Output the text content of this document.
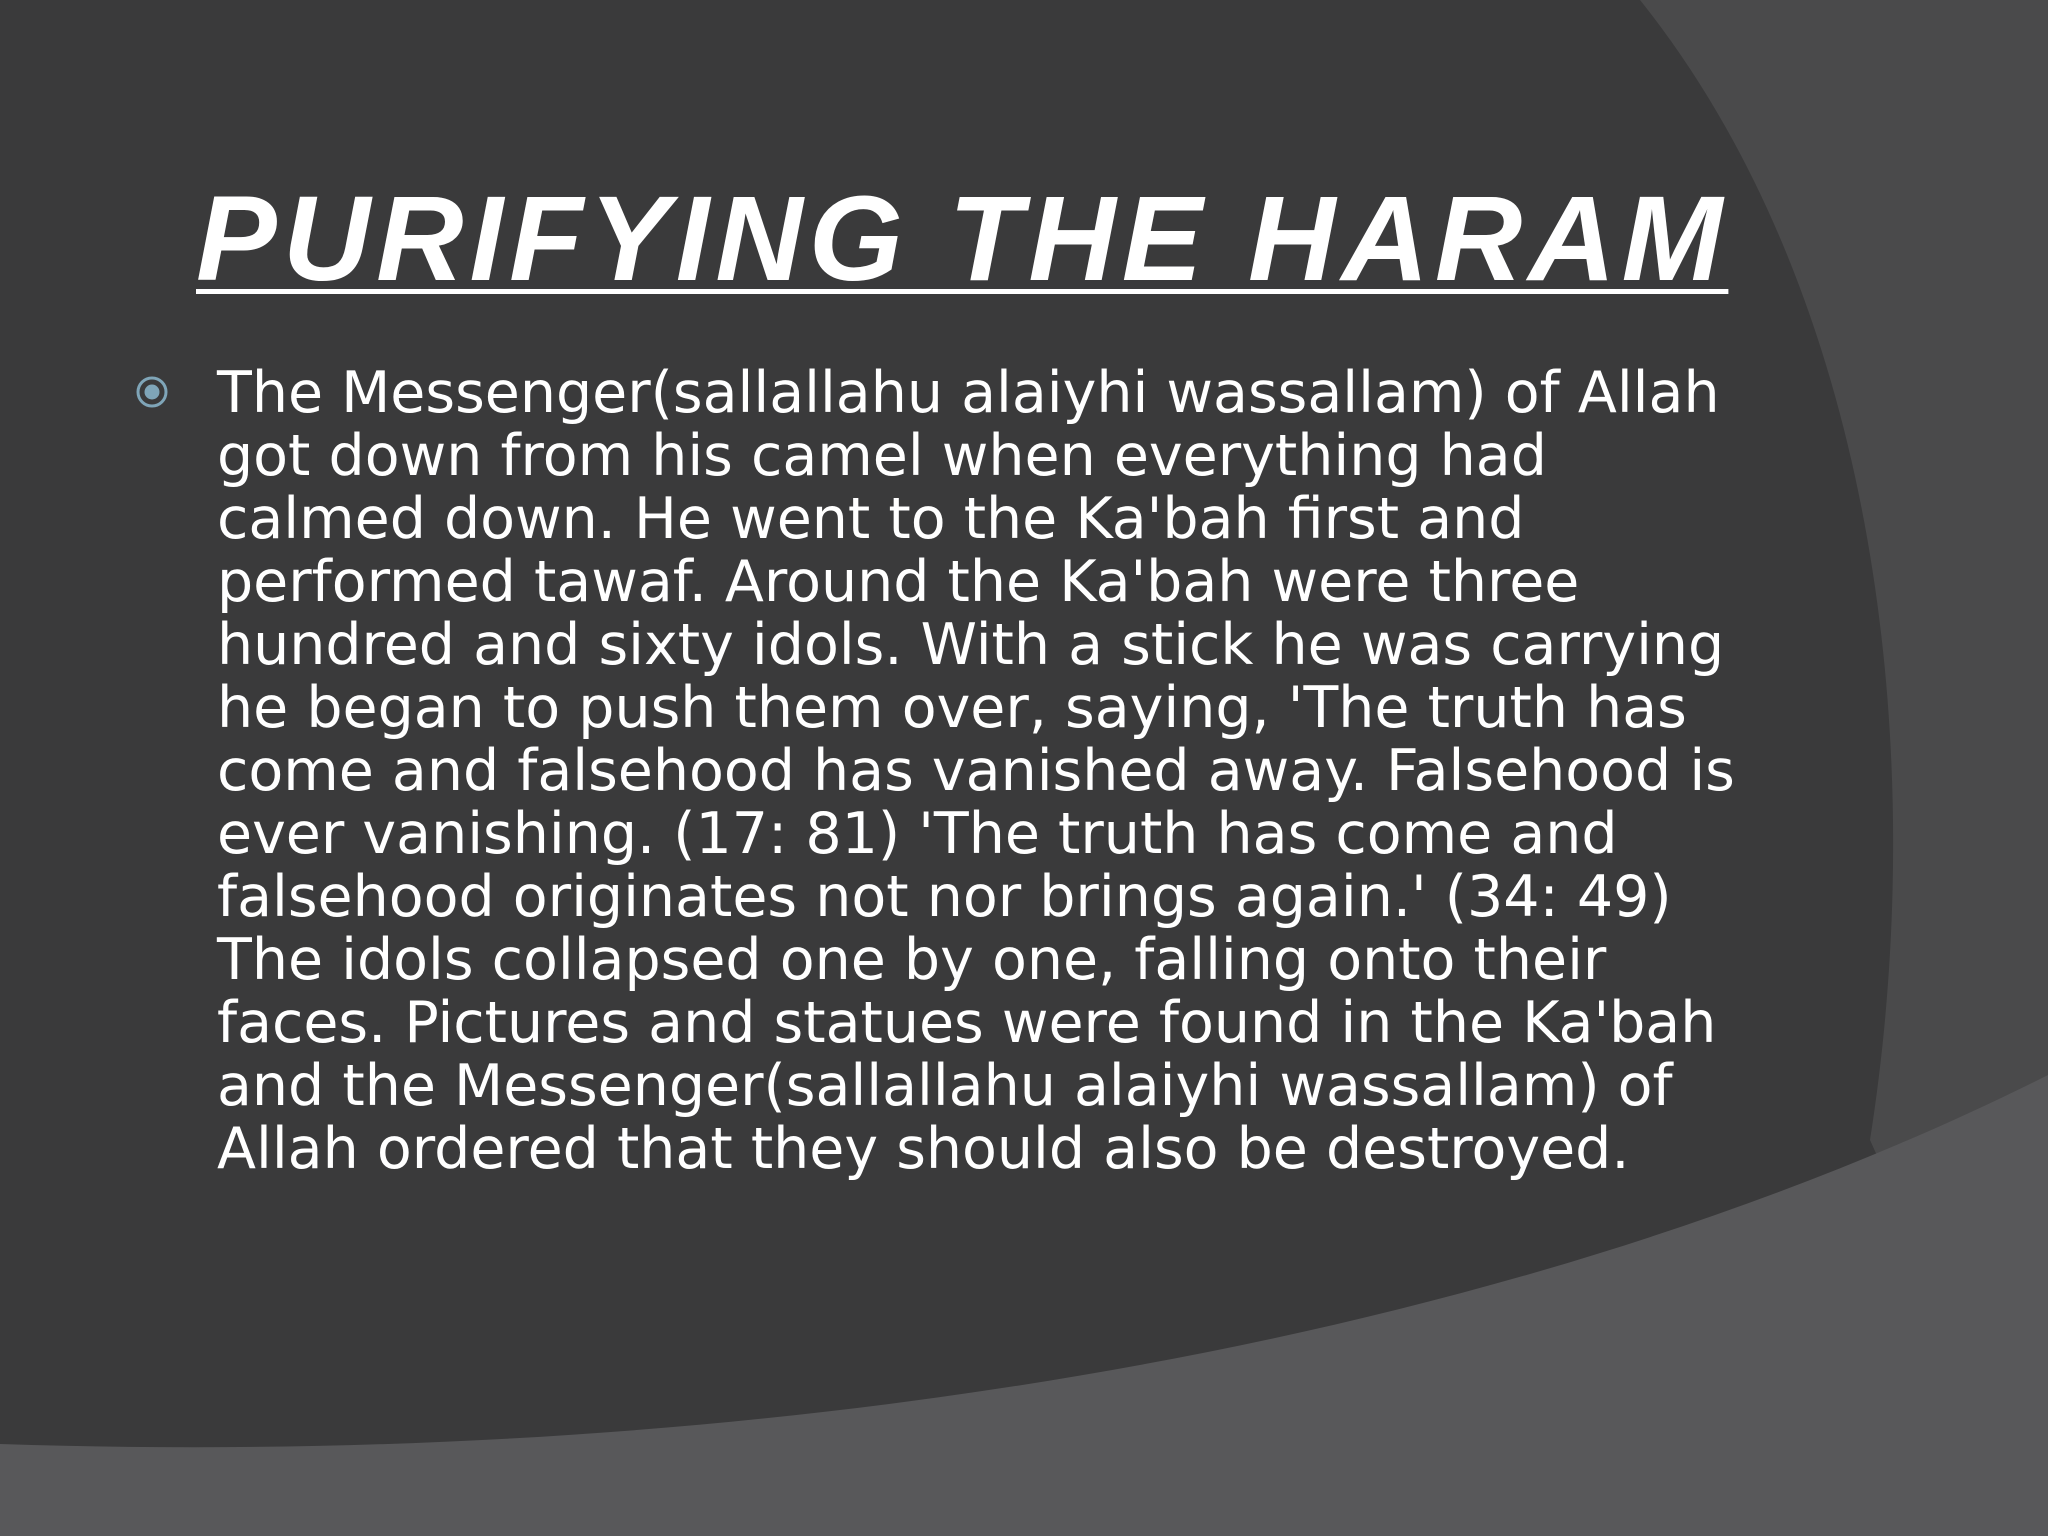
PURIFYING THE HARAM

The Messenger(sallallahu alaiyhi wassallam) of Allah
got down from his camel when everything had
calmed down. He went to the Ka'bah first and
performed tawaf. Around the Ka'bah were three
hundred and sixty idols. With a stick he was carrying
he began to push them over, saying, 'The truth has
come and falsehood has vanished away. Falsehood is
ever vanishing. (17: 81) 'The truth has come and
falsehood originates not nor brings again.' (34: 49)
The idols collapsed one by one, falling onto their
faces. Pictures and statues were found in the Ka'bah
and the Messenger(sallallahu alaiyhi wassallam) of
Allah ordered that they should also be destroyed.
